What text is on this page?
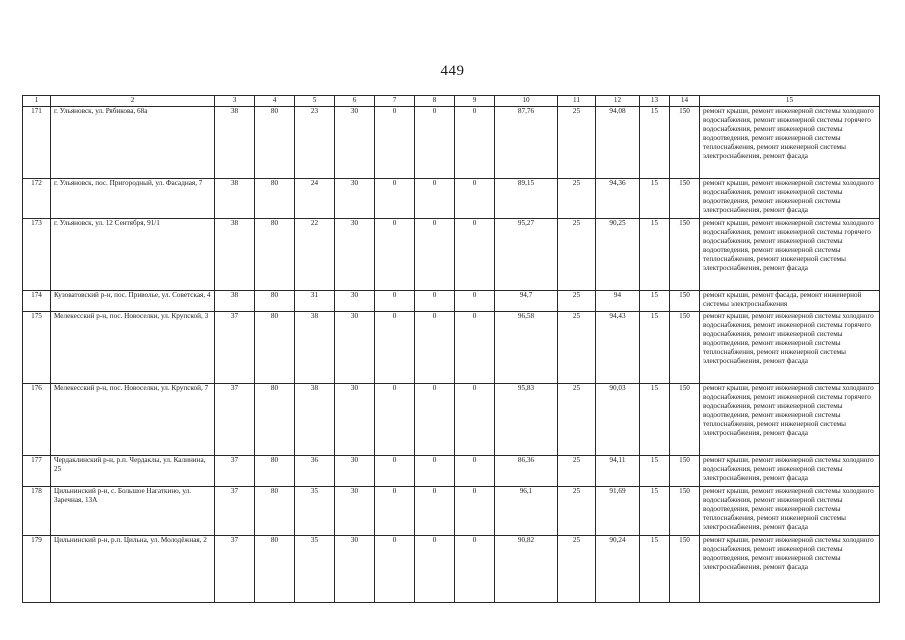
449
1	2	3	4	5	6	7	8	9	10	11	12	13	14	15
171	г. Ульяновск, ул. Рябикова, 68а	38	80	23	30	0	0	0	87,76	25	94,08	15	150	ремонт крыши, ремонт инженерной системы холодного водоснабжения, ремонт инженерной системы горячего водоснабжения, ремонт инженерной системы водоотведения, ремонт инженерной системы теплоснабжения, ремонт инженерной системы электроснабжения, ремонт фасада
172	г. Ульяновск, пос. Пригородный, ул. Фасадная, 7	38	80	24	30	0	0	0	89,15	25	94,36	15	150	ремонт крыши, ремонт инженерной системы холодного водоснабжения, ремонт инженерной системы водоотведения, ремонт инженерной системы электроснабжения, ремонт фасада
173	г. Ульяновск, ул. 12 Сентября, 91/1	38	80	22	30	0	0	0	95,27	25	90,25	15	150	ремонт крыши, ремонт инженерной системы холодного водоснабжения, ремонт инженерной системы горячего водоснабжения, ремонт инженерной системы водоотведения, ремонт инженерной системы теплоснабжения, ремонт инженерной системы электроснабжения, ремонт фасада
174	Кузоватовский р-н, пос. Приволье, ул. Советская, 4	38	80	31	30	0	0	0	94,7	25	94	15	150	ремонт крыши, ремонт фасада, ремонт инженерной системы электроснабжения
175	Мелекесский р-н, пос. Новоселки, ул. Крупской, 3	37	80	38	30	0	0	0	96,58	25	94,43	15	150	ремонт крыши, ремонт инженерной системы холодного водоснабжения, ремонт инженерной системы горячего водоснабжения, ремонт инженерной системы водоотведения, ремонт инженерной системы теплоснабжения, ремонт инженерной системы электроснабжения, ремонт фасада
176	Мелекесский р-н, пос. Новоселки, ул. Крупской, 7	37	80	38	30	0	0	0	95,83	25	90,03	15	150	ремонт крыши, ремонт инженерной системы холодного водоснабжения, ремонт инженерной системы горячего водоснабжения, ремонт инженерной системы водоотведения, ремонт инженерной системы теплоснабжения, ремонт инженерной системы электроснабжения, ремонт фасада
177	Чердаклинский р-н, р.п. Чердаклы, ул. Калинина, 25	37	80	36	30	0	0	0	86,36	25	94,11	15	150	ремонт крыши, ремонт инженерной системы холодного водоснабжения, ремонт инженерной системы электроснабжения, ремонт фасада
178	Цильнинский р-н, с. Большое Нагаткино, ул. Заречная, 13А	37	80	35	30	0	0	0	96,1	25	91,69	15	150	ремонт крыши, ремонт инженерной системы холодного водоснабжения, ремонт инженерной системы водоотведения, ремонт инженерной системы теплоснабжения, ремонт инженерной системы электроснабжения, ремонт фасада
179	Цильнинский р-н, р.п. Цильна, ул. Молодёжная, 2	37	80	35	30	0	0	0	90,82	25	90,24	15	150	ремонт крыши, ремонт инженерной системы холодного водоснабжения, ремонт инженерной системы водоотведения, ремонт инженерной системы электроснабжения, ремонт фасада
